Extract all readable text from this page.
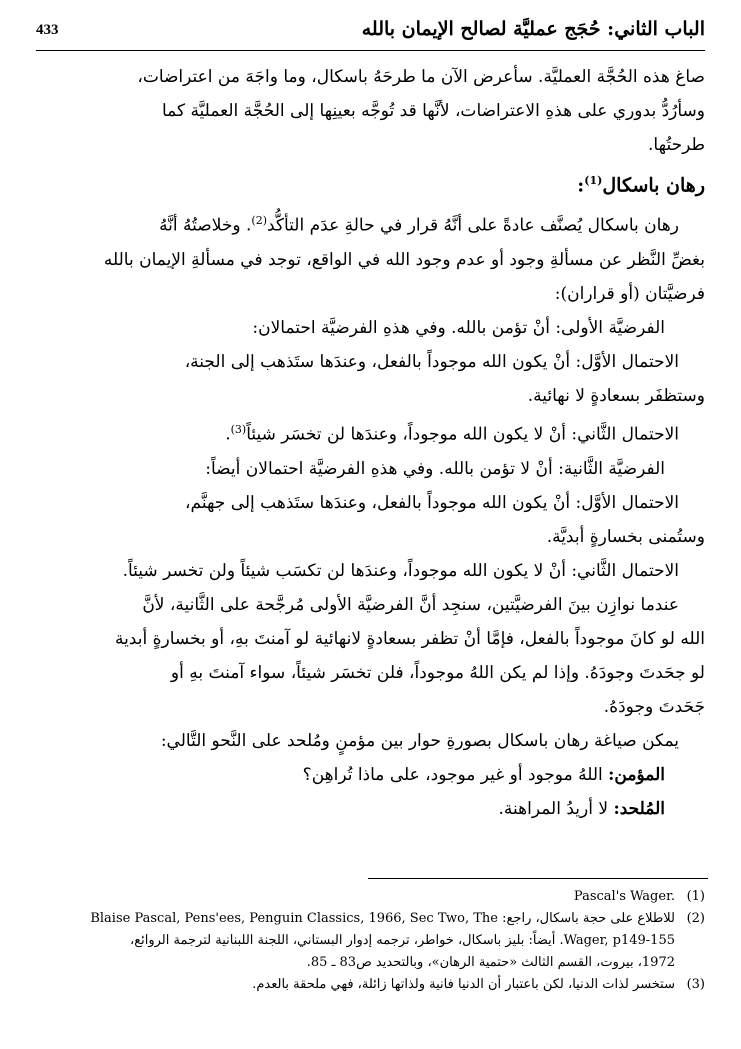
الباب الثاني: حُجَج عمليَّة لصالح الإيمان بالله
433
صاغ هذه الحُجَّة العمليَّة. سأعرض الآن ما طرحَهُ باسكال، وما واجَهَ من اعتراضات،
وسأرُدُّ بدوري على هذهِ الاعتراضات، لأنَّها قد تُوجَّه بعينِها إلى الحُجَّة العمليَّة كما
طرحتُها.
رهان باسكال$^{(1)}$:
رهان باسكال يُصنَّف عادةً على أنَّهُ قرار في حالةِ عدَم التأكُّد$^{(2)}$. وخلاصتُهُ أنَّهُ
بغضِّ النَّظر عن مسألةِ وجود أو عدم وجود الله في الواقع، توجد في مسألةِ الإيمان بالله
فرضيَّتان (أو قراران):
الفرضيَّة الأولى: أنْ تؤمن بالله. وفي هذهِ الفرضيَّة احتمالان:
الاحتمال الأوَّل: أنْ يكون الله موجوداً بالفعل، وعندَها ستَذهب إلى الجنة،
وستظفَر بسعادةٍ لا نهائية.
الاحتمال الثَّاني: أنْ لا يكون الله موجوداً، وعندَها لن تخسَر شيئاً$^{(3)}$.
الفرضيَّة الثَّانية: أنْ لا تؤمن بالله. وفي هذهِ الفرضيَّة احتمالان أيضاً:
الاحتمال الأوَّل: أنْ يكون الله موجوداً بالفعل، وعندَها ستَذهب إلى جهنَّم،
وستُمنى بخسارةٍ أبديَّة.
الاحتمال الثَّاني: أنْ لا يكون الله موجوداً، وعندَها لن تكسَب شيئاً ولن تخسر شيئاً.
عندما نوازِن بينَ الفرضيَّتين، سنجِد أنَّ الفرضيَّة الأولى مُرجَّحة على الثَّانية، لأنَّ
الله لو كانَ موجوداً بالفعل، فإمَّا أنْ تظفر بسعادةٍ لانهائية لو آمنتَ بهِ، أو بخسارةٍ أبدية
لو جحَدتَ وجودَهُ. وإذا لم يكن اللهُ موجوداً، فلن تخسَر شيئاً، سواء آمنتَ بهِ أو
جَحَدتَ وجودَهُ.
يمكن صياغة رهان باسكال بصورةِ حوار بين مؤمنٍ ومُلحد على النَّحو التَّالي:
المؤمن: اللهُ موجود أو غير موجود، على ماذا تُراهِن؟
المُلحد: لا أريدُ المراهنة.
(1)Pascal's Wager.
(2)للاطلاع على حجة باسكال، راجع: Blaise Pascal, Pens'ees, Penguin Classics, 1966, Sec Two, The
Wager, p149-155. أيضاً: بليز باسكال، خواطر، ترجمه إدوار البستاني، اللجنة اللبنانية لترجمة الروائع،
1972، بيروت، القسم الثالث «حتمية الرهان»، وبالتحديد ص83 ـ 85.
(3)ستخسر لذات الدنيا، لكن باعتبار أن الدنيا فانية ولذاتها زائلة، فهي ملحقة بالعدم.
